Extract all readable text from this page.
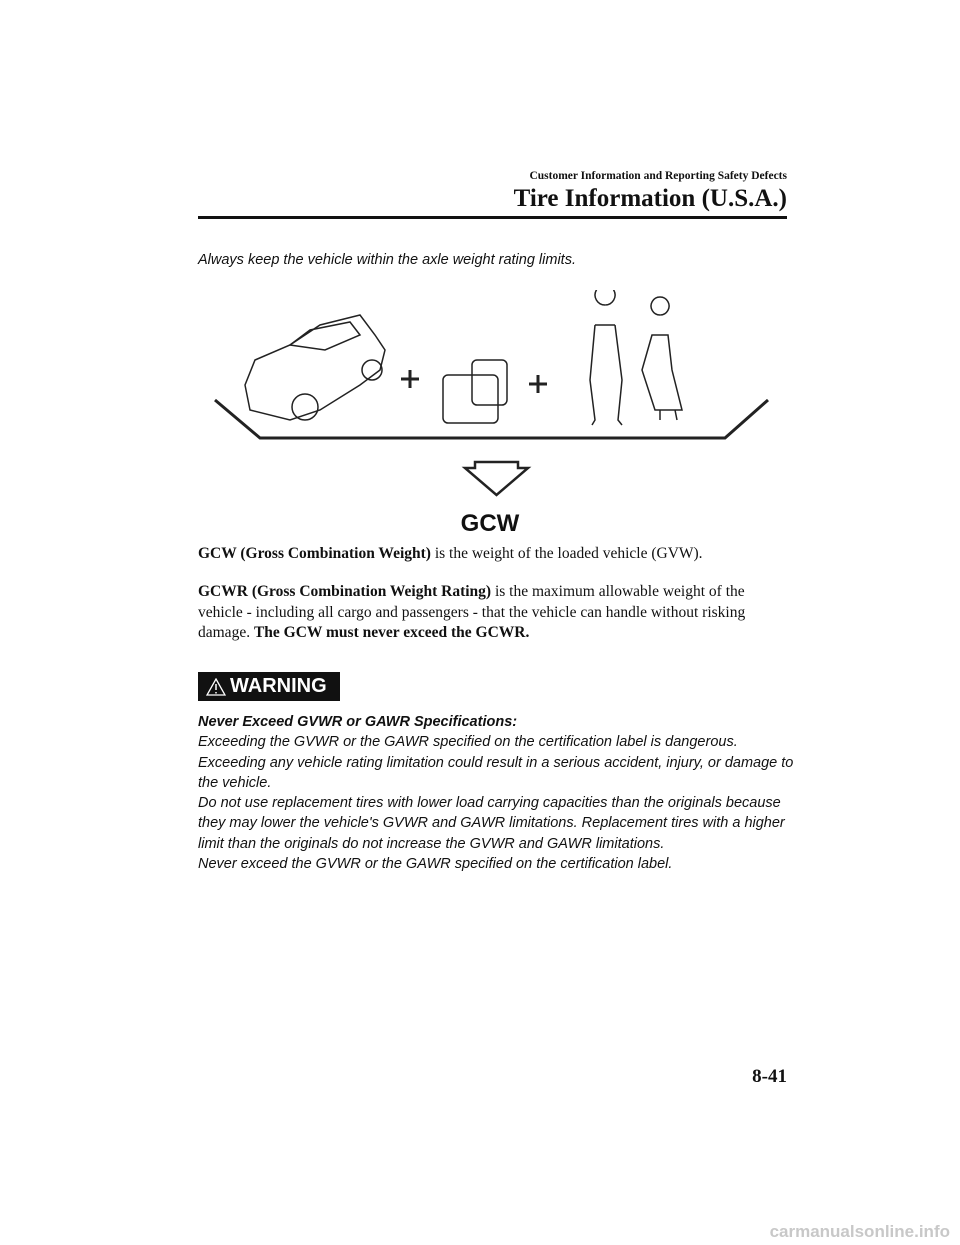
Customer Information and Reporting Safety Defects
Tire Information (U.S.A.)
Always keep the vehicle within the axle weight rating limits.
GCW
GCW (Gross Combination Weight) is the weight of the loaded vehicle (GVW).
GCWR (Gross Combination Weight Rating) is the maximum allowable weight of the vehicle - including all cargo and passengers - that the vehicle can handle without risking damage. The GCW must never exceed the GCWR.
WARNING

Never Exceed GVWR or GAWR Specifications:

Exceeding the GVWR or the GAWR specified on the certification label is dangerous. Exceeding any vehicle rating limitation could result in a serious accident, injury, or damage to the vehicle.

Do not use replacement tires with lower load carrying capacities than the originals because they may lower the vehicle's GVWR and GAWR limitations. Replacement tires with a higher limit than the originals do not increase the GVWR and GAWR limitations.

Never exceed the GVWR or the GAWR specified on the certification label.

8-41
carmanualsonline.info
